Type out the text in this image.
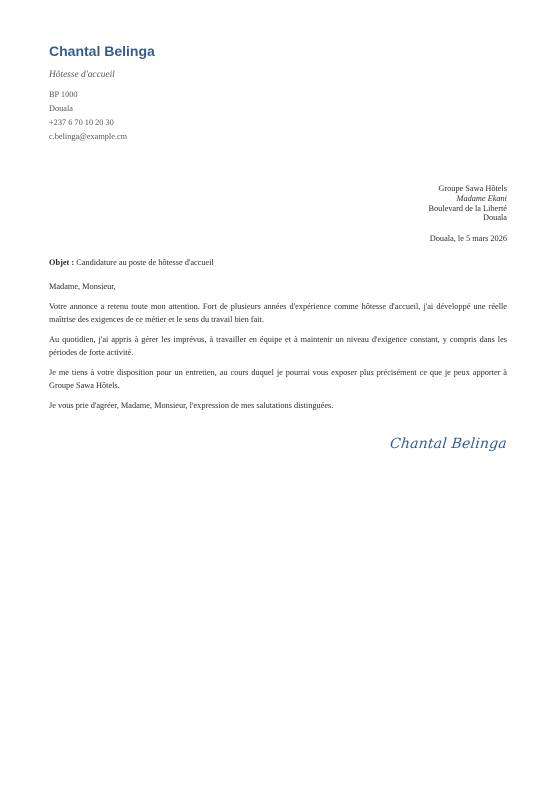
Chantal Belinga
Hôtesse d'accueil
BP 1000
Douala
+237 6 70 10 20 30
c.belinga@example.cm
Groupe Sawa Hôtels
Madame Ekani
Boulevard de la Liberté
Douala
Douala, le 5 mars 2026

Objet : Candidature au poste de hôtesse d'accueil

Madame, Monsieur,

Votre annonce a retenu toute mon attention. Fort de plusieurs années d'expérience comme hôtesse d'accueil, j'ai développé une réelle maîtrise des exigences de ce métier et le sens du travail bien fait.

Au quotidien, j'ai appris à gérer les imprévus, à travailler en équipe et à maintenir un niveau d'exigence constant, y compris dans les périodes de forte activité.

Je me tiens à votre disposition pour un entretien, au cours duquel je pourrai vous exposer plus précisément ce que je peux apporter à Groupe Sawa Hôtels.

Je vous prie d'agréer, Madame, Monsieur, l'expression de mes salutations distinguées.

Chantal Belinga
